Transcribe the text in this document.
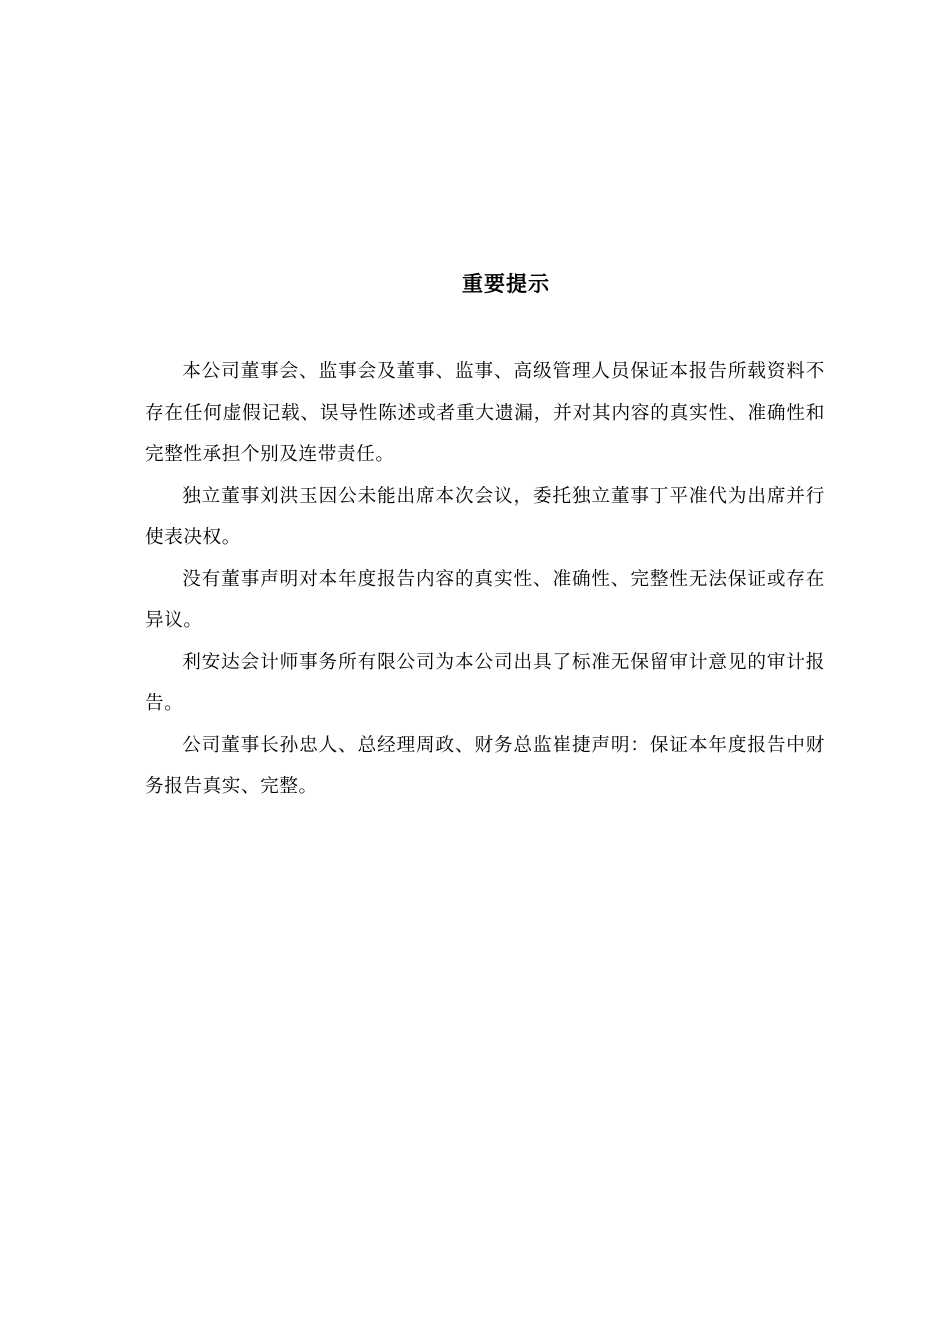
重要提示

本公司董事会、监事会及董事、监事、高级管理人员保证本报告所载资料不存在任何虚假记载、误导性陈述或者重大遗漏，并对其内容的真实性、准确性和完整性承担个别及连带责任。

独立董事刘洪玉因公未能出席本次会议，委托独立董事丁平准代为出席并行使表决权。

没有董事声明对本年度报告内容的真实性、准确性、完整性无法保证或存在异议。

利安达会计师事务所有限公司为本公司出具了标准无保留审计意见的审计报告。

公司董事长孙忠人、总经理周政、财务总监崔捷声明：保证本年度报告中财务报告真实、完整。
